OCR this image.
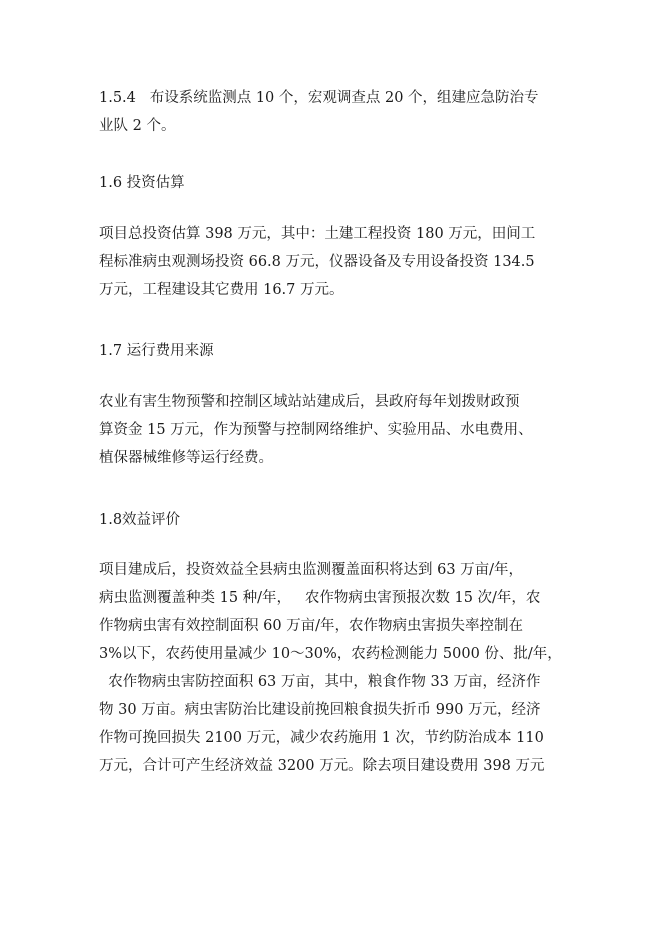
1.5.4   布设系统监测点 10 个，宏观调查点 20 个，组建应急防治专
业队 2 个。
1.6 投资估算
项目总投资估算 398 万元，其中：土建工程投资 180 万元，田间工
程标准病虫观测场投资 66.8 万元，仪器设备及专用设备投资 134.5
万元，工程建设其它费用 16.7 万元。
1.7 运行费用来源
农业有害生物预警和控制区域站站建成后，县政府每年划拨财政预
算资金 15 万元，作为预警与控制网络维护、实验用品、水电费用、
植保器械维修等运行经费。
1.8效益评价
项目建成后，投资效益全县病虫监测覆盖面积将达到 63 万亩/年，
病虫监测覆盖种类 15 种/年，   农作物病虫害预报次数 15 次/年，农
作物病虫害有效控制面积 60 万亩/年，农作物病虫害损失率控制在
3%以下，农药使用量减少 10～30%，农药检测能力 5000 份、批/年，
农作物病虫害防控面积 63 万亩，其中，粮食作物 33 万亩，经济作
物 30 万亩。病虫害防治比建设前挽回粮食损失折币 990 万元，经济
作物可挽回损失 2100 万元，减少农药施用 1 次，节约防治成本 110
万元，合计可产生经济效益 3200 万元。除去项目建设费用 398 万元
